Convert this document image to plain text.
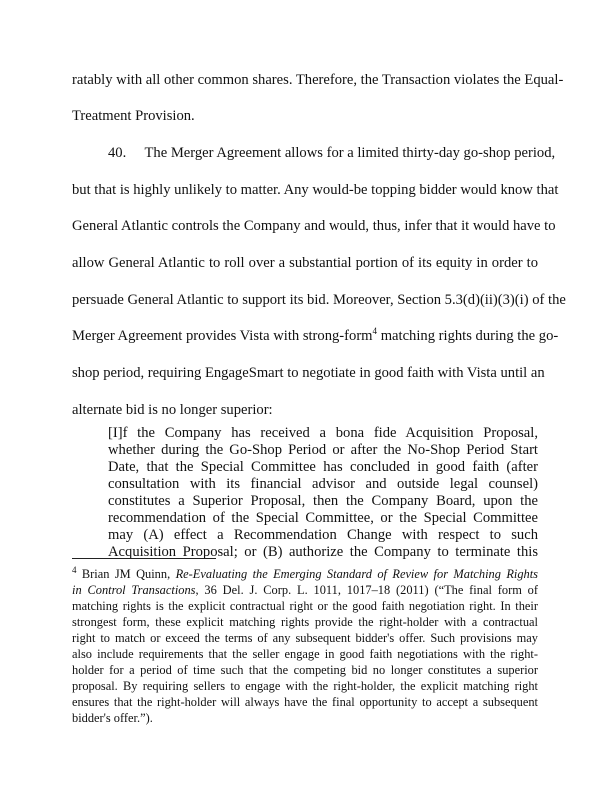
ratably with all other common shares. Therefore, the Transaction violates the Equal-
Treatment Provision.
40.     The Merger Agreement allows for a limited thirty-day go-shop period,
but that is highly unlikely to matter. Any would-be topping bidder would know that
General Atlantic controls the Company and would, thus, infer that it would have to
allow General Atlantic to roll over a substantial portion of its equity in order to
persuade General Atlantic to support its bid. Moreover, Section 5.3(d)(ii)(3)(i) of the
Merger Agreement provides Vista with strong-form$^4$ matching rights during the go-
shop period, requiring EngageSmart to negotiate in good faith with Vista until an
alternate bid is no longer superior:
[I]f the Company has received a bona fide Acquisition Proposal,
whether during the Go-Shop Period or after the No-Shop Period Start
Date, that the Special Committee has concluded in good faith (after
consultation with its financial advisor and outside legal counsel)
constitutes a Superior Proposal, then the Company Board, upon the
recommendation of the Special Committee, or the Special Committee
may (A) effect a Recommendation Change with respect to such
Acquisition Proposal; or (B) authorize the Company to terminate this
$^4$ Brian JM Quinn, Re-Evaluating the Emerging Standard of Review for Matching Rights
in Control Transactions, 36 Del. J. Corp. L. 1011, 1017–18 (2011) (“The final form of
matching rights is the explicit contractual right or the good faith negotiation right. In their
strongest form, these explicit matching rights provide the right-holder with a contractual
right to match or exceed the terms of any subsequent bidder's offer. Such provisions may
also include requirements that the seller engage in good faith negotiations with the right-
holder for a period of time such that the competing bid no longer constitutes a superior
proposal. By requiring sellers to engage with the right-holder, the explicit matching right
ensures that the right-holder will always have the final opportunity to accept a subsequent
bidder's offer.”).
